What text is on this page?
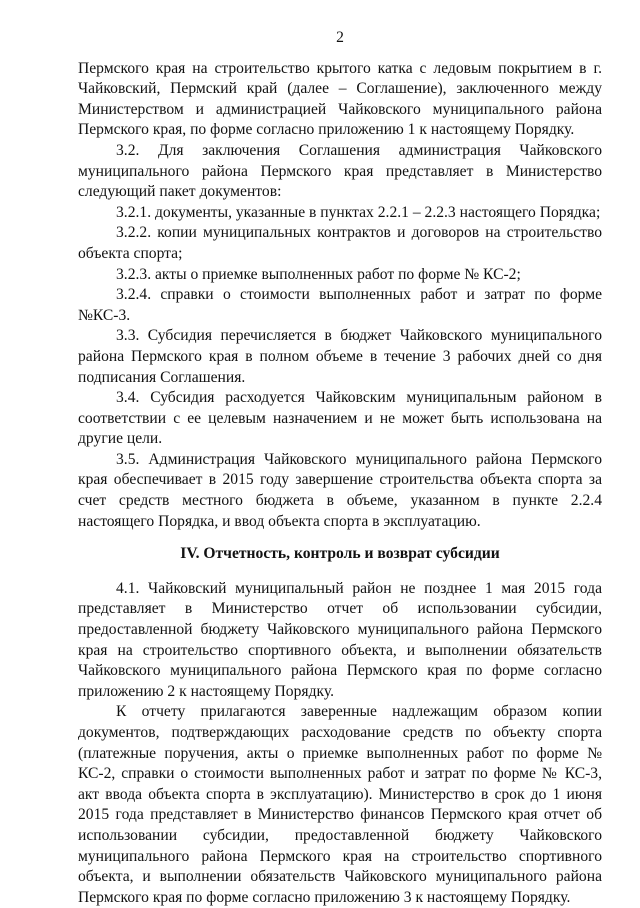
2

Пермского края на строительство крытого катка с ледовым покрытием в г. Чайковский, Пермский край (далее – Соглашение), заключенного между Министерством и администрацией Чайковского муниципального района Пермского края, по форме согласно приложению 1 к настоящему Порядку.

3.2. Для заключения Соглашения администрация Чайковского муниципального района Пермского края представляет в Министерство следующий пакет документов:

3.2.1. документы, указанные в пунктах 2.2.1 – 2.2.3 настоящего Порядка;

3.2.2. копии муниципальных контрактов и договоров на строительство объекта спорта;

3.2.3. акты о приемке выполненных работ по форме № КС-2;

3.2.4. справки о стоимости выполненных работ и затрат по форме №КС-3.

3.3. Субсидия перечисляется в бюджет Чайковского муниципального района Пермского края в полном объеме в течение 3 рабочих дней со дня подписания Соглашения.

3.4. Субсидия расходуется Чайковским муниципальным районом в соответствии с ее целевым назначением и не может быть использована на другие цели.

3.5. Администрация Чайковского муниципального района Пермского края обеспечивает в 2015 году завершение строительства объекта спорта за счет средств местного бюджета в объеме, указанном в пункте 2.2.4 настоящего Порядка, и ввод объекта спорта в эксплуатацию.

IV. Отчетность, контроль и возврат субсидии

4.1. Чайковский муниципальный район не позднее 1 мая 2015 года представляет в Министерство отчет об использовании субсидии, предоставленной бюджету Чайковского муниципального района Пермского края на строительство спортивного объекта, и выполнении обязательств Чайковского муниципального района Пермского края по форме согласно приложению 2 к настоящему Порядку.

К отчету прилагаются заверенные надлежащим образом копии документов, подтверждающих расходование средств по объекту спорта (платежные поручения, акты о приемке выполненных работ по форме № КС-2, справки о стоимости выполненных работ и затрат по форме № КС-3, акт ввода объекта спорта в эксплуатацию). Министерство в срок до 1 июня 2015 года представляет в Министерство финансов Пермского края отчет об использовании субсидии, предоставленной бюджету Чайковского муниципального района Пермского края на строительство спортивного объекта, и выполнении обязательств Чайковского муниципального района Пермского края по форме согласно приложению 3 к настоящему Порядку.
